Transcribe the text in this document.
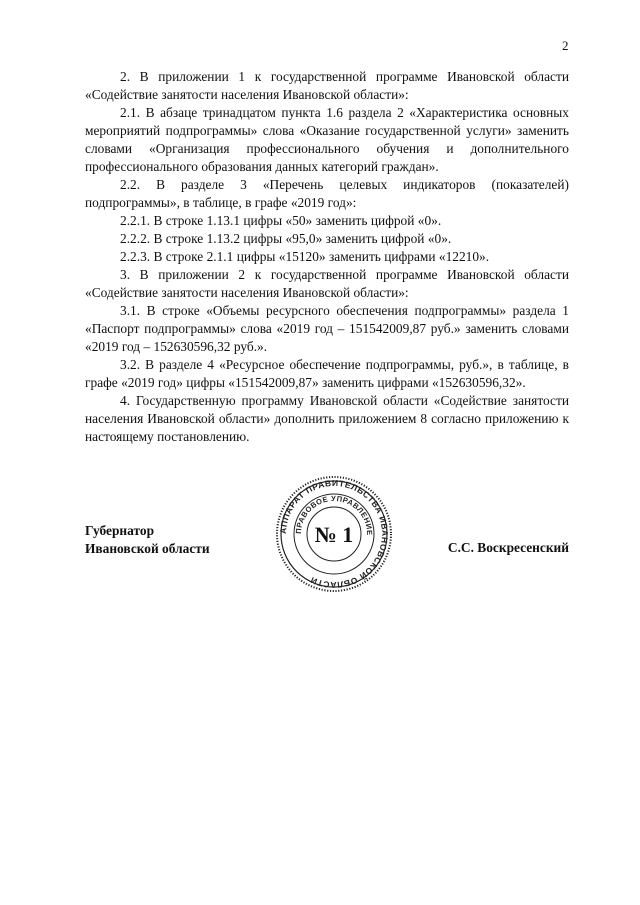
2

2. В приложении 1 к государственной программе Ивановской области «Содействие занятости населения Ивановской области»:

2.1. В абзаце тринадцатом пункта 1.6 раздела 2 «Характеристика основных мероприятий подпрограммы» слова «Оказание государственной услуги» заменить словами «Организация профессионального обучения и дополнительного профессионального образования данных категорий граждан».

2.2. В разделе 3 «Перечень целевых индикаторов (показателей) подпрограммы», в таблице, в графе «2019 год»:

2.2.1. В строке 1.13.1 цифры «50» заменить цифрой «0».

2.2.2. В строке 1.13.2 цифры «95,0» заменить цифрой «0».

2.2.3. В строке 2.1.1 цифры «15120» заменить цифрами «12210».

3. В приложении 2 к государственной программе Ивановской области «Содействие занятости населения Ивановской области»:

3.1. В строке «Объемы ресурсного обеспечения подпрограммы» раздела 1 «Паспорт подпрограммы» слова «2019 год – 151542009,87 руб.» заменить словами «2019 год – 152630596,32 руб.».

3.2. В разделе 4 «Ресурсное обеспечение подпрограммы, руб.», в таблице, в графе «2019 год» цифры «151542009,87» заменить цифрами «152630596,32».

4. Государственную программу Ивановской области «Содействие занятости населения Ивановской области» дополнить приложением 8 согласно приложению к настоящему постановлению.

Губернатор
Ивановской области	С.С. Воскресенский
АППАРАТ ПРАВИТЕЛЬСТВА ИВАНОВСКОЙ ОБЛАСТИ
ПРАВОВОЕ УПРАВЛЕНИЕ
№ 1
